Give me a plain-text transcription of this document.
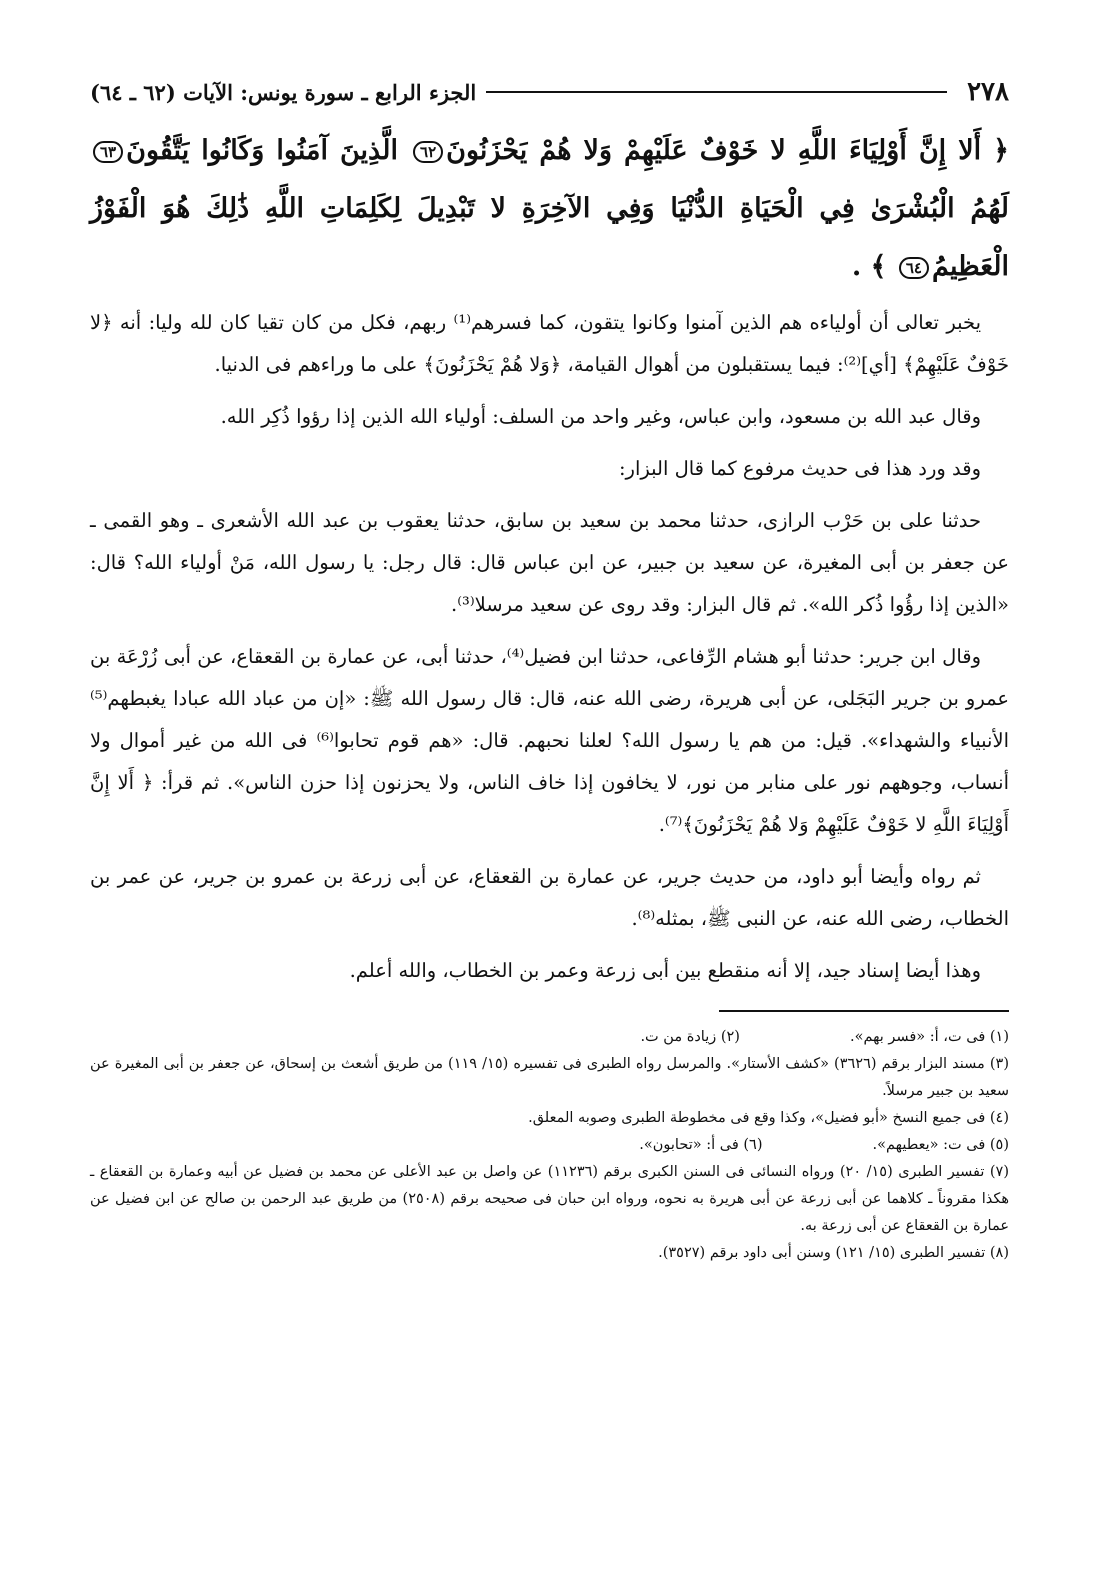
٢٧٨
الجزء الرابع ـ سورة يونس: الآيات (٦٢ ـ ٦٤)
﴿ أَلا إِنَّ أَوْلِيَاءَ اللَّهِ لا خَوْفٌ عَلَيْهِمْ وَلا هُمْ يَحْزَنُونَ٦٢ الَّذِينَ آمَنُوا وَكَانُوا يَتَّقُونَ٦٣ لَهُمُ الْبُشْرَىٰ فِي الْحَيَاةِ الدُّنْيَا وَفِي الآخِرَةِ لا تَبْدِيلَ لِكَلِمَاتِ اللَّهِ ذَٰلِكَ هُوَ الْفَوْزُ الْعَظِيمُ٦٤ ﴾ .

يخبر تعالى أن أولياءه هم الذين آمنوا وكانوا يتقون، كما فسرهم⁽¹⁾ ربهم، فكل من كان تقيا كان لله وليا: أنه ﴿لا خَوْفٌ عَلَيْهِمْ﴾ [أي]⁽²⁾: فيما يستقبلون من أهوال القيامة، ﴿وَلا هُمْ يَحْزَنُونَ﴾ على ما وراءهم فى الدنيا.

وقال عبد الله بن مسعود، وابن عباس، وغير واحد من السلف: أولياء الله الذين إذا رؤوا ذُكِر الله.

وقد ورد هذا فى حديث مرفوع كما قال البزار:

حدثنا على بن حَرْب الرازى، حدثنا محمد بن سعيد بن سابق، حدثنا يعقوب بن عبد الله الأشعرى ـ وهو القمى ـ عن جعفر بن أبى المغيرة، عن سعيد بن جبير، عن ابن عباس قال: قال رجل: يا رسول الله، مَنْ أولياء الله؟ قال: «الذين إذا رؤُوا ذُكر الله». ثم قال البزار: وقد روى عن سعيد مرسلا⁽³⁾.

وقال ابن جرير: حدثنا أبو هشام الرِّفاعى، حدثنا ابن فضيل⁽⁴⁾، حدثنا أبى، عن عمارة بن القعقاع، عن أبى زُرْعَة بن عمرو بن جرير البَجَلى، عن أبى هريرة، رضى الله عنه، قال: قال رسول الله ﷺ: «إن من عباد الله عبادا يغبطهم⁽⁵⁾ الأنبياء والشهداء». قيل: من هم يا رسول الله؟ لعلنا نحبهم. قال: «هم قوم تحابوا⁽⁶⁾ فى الله من غير أموال ولا أنساب، وجوههم نور على منابر من نور، لا يخافون إذا خاف الناس، ولا يحزنون إذا حزن الناس». ثم قرأ: ﴿ أَلا إِنَّ أَوْلِيَاءَ اللَّهِ لا خَوْفٌ عَلَيْهِمْ وَلا هُمْ يَحْزَنُونَ﴾⁽⁷⁾.

ثم رواه وأيضا أبو داود، من حديث جرير، عن عمارة بن القعقاع، عن أبى زرعة بن عمرو بن جرير، عن عمر بن الخطاب، رضى الله عنه، عن النبى ﷺ، بمثله⁽⁸⁾.

وهذا أيضا إسناد جيد، إلا أنه منقطع بين أبى زرعة وعمر بن الخطاب، والله أعلم.

(١) فى ت، أ: «فسر بهم».
(٢) زيادة من ت.
(٣) مسند البزار برقم (٣٦٢٦) «كشف الأستار». والمرسل رواه الطبرى فى تفسيره (١٥/ ١١٩) من طريق أشعث بن إسحاق، عن جعفر بن أبى المغيرة عن سعيد بن جبير مرسلاً.
(٤) فى جميع النسخ «أبو فضيل»، وكذا وقع فى مخطوطة الطبرى وصوبه المعلق.
(٥) فى ت: «يعطيهم».
(٦) فى أ: «تحابون».
(٧) تفسير الطبرى (١٥/ ٢٠) ورواه النسائى فى السنن الكبرى برقم (١١٢٣٦) عن واصل بن عبد الأعلى عن محمد بن فضيل عن أبيه وعمارة بن القعقاع ـ هكذا مقروناً ـ كلاهما عن أبى زرعة عن أبى هريرة به نحوه، ورواه ابن حبان فى صحيحه برقم (٢٥٠٨) من طريق عبد الرحمن بن صالح عن ابن فضيل عن عمارة بن القعقاع عن أبى زرعة به.
(٨) تفسير الطبرى (١٥/ ١٢١) وسنن أبى داود برقم (٣٥٢٧).
